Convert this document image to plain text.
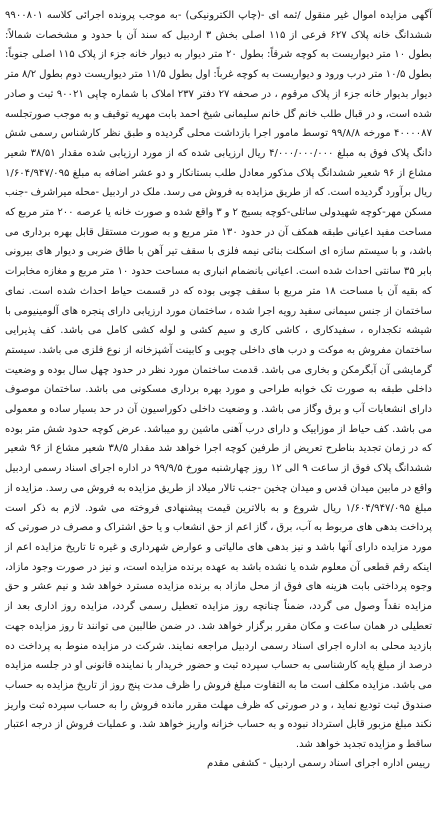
آگهی مزایده اموال غیر منقول /ثمه ای -(چاپ الکترونیکی) -به موجب پرونده اجرائی کلاسه ۹۹۰۰۸۰۱ ششدانگ خانه پلاک ۶۲۷ فرعی از ۱۱۵ اصلی بخش ۳ اردبیل که سند آن با حدود و مشخصات شمالاً: بطول ۱۰ متر دیواریست به کوچه شرقاً: بطول ۲۰ متر دیوار به دیوار خانه جزء از پلاک ۱۱۵ اصلی جنوباً: بطول ۱۰/۵ متر درب ورود و دیواریست به کوچه غرباً: اول بطول ۱۱/۵ متر دیواریست دوم بطول ۸/۲ متر دیوار بدیوار خانه جزء از پلاک مرقوم ، در صحفه ۲۷ دفتر ۲۳۷ املاک با شماره چاپی ۹۰۰۲۱ ثبت و صادر شده است، و در قبال طلب خانم گل خانم سلیمانی شیخ احمد بابت مهریه توقیف و به موجب صورتجلسه ۴۰۰۰۰۸۷ مورخه ۹۹/۸/۸ توسط مامور اجرا بازداشت محلی گردیده و طبق نظر کارشناس رسمی شش دانگ پلاک فوق به مبلغ ۴/۰۰۰/۰۰۰/۰۰۰ ریال ارزیابی شده که از مورد ارزیابی شده مقدار ۳۸/۵۱ شعیر مشاع از ۹۶ شعیر ششدانگ پلاک مذکور معادل طلب بستانکار و دو عشر اضافه به مبلغ ۱/۶۰۴/۹۴۷/۰۹۵ ریال برآورد گردیده است. که از طریق مزایده به فروش می رسد. ملک در اردبیل -محله میراشرف -جنب مسکن مهر-کوچه شهیدولی ساتلی-کوچه بسیج ۲ و ۳ واقع شده و صورت خانه یا عرصه ۲۰۰ متر مربع که مساحت مفید اعیانی طبقه همکف آن در حدود ۱۳۰ متر مربع و به صورت مستقل قابل بهره برداری می باشد، و با سیستم سازه ای اسکلت بنائی نیمه فلزی با سقف تیر آهن با طاق ضربی و دیوار های بیرونی بابر ۳۵ سانتی احداث شده است. اعیانی بانضمام انباری به مساحت حدود ۱۰ متر مربع و مغازه مخابرات که بقیه آن با مساحت ۱۸ متر مربع با سقف چوبی بوده که در قسمت حیاط احداث شده است. نمای ساختمان از جنس سیمانی سفید رویه اجرا شده ، ساختمان مورد ارزیابی دارای پنجره های آلومینیومی با شیشه تکجداره ، سفیدکاری ، کاشی کاری و سیم کشی و لوله کشی کامل می باشد. کف پذیرایی ساختمان مفروش به موکت و درب های داخلی چوبی و کابینت آشپزخانه از نوع فلزی می باشد. سیستم گرمایشی آن آبگرمکن و بخاری می باشد. قدمت ساختمان مورد نظر در حدود چهل سال بوده و وضعیت داخلی طبقه به صورت تک خوابه طراحی و مورد بهره برداری مسکونی می باشد. ساختمان موصوف دارای انشعابات آب و برق وگاز می باشد. و وضعیت داخلی دکوراسیون آن در حد بسیار ساده و معمولی می باشد. کف حیاط از موزاییک و دارای درب آهنی ماشین رو میباشد. عرض کوچه حدود شش متر بوده که در زمان تجدید بناطرح تعریض از طرفین کوچه اجرا خواهد شد مقدار ۳۸/۵ شعیر مشاع از ۹۶ شعیر ششدانگ پلاک فوق از ساعت ۹ الی ۱۲ روز چهارشنبه مورخ ۹۹/۹/۵ در اداره اجرای اسناد رسمی اردبیل واقع در مابین میدان قدس و میدان چخین -جنب تالار میلاد از طریق مزایده به فروش می رسد. مزایده از مبلغ ۱/۶۰۴/۹۴۷/۰۹۵ ریال شروع و به بالاترین قیمت پیشنهادی فروخته می شود. لازم به ذکر است پرداخت بدهی های مربوط به آب، برق ، گاز اعم از حق انشعاب و یا حق اشتراک و مصرف در صورتی که مورد مزایده دارای آنها باشد و نیز بدهی های مالیاتی و عوارض شهرداری و غیره تا تاریخ مزایده اعم از اینکه رقم قطعی آن معلوم شده یا نشده باشد به عهده برنده مزایده است، و نیز در صورت وجود مازاد، وجوه پرداختی بابت هزینه های فوق از محل مازاد به برنده مزایده مسترد خواهد شد و نیم عشر و حق مزایده نقداً وصول می گردد، ضمناً چنانچه روز مزایده تعطیل رسمی گردد، مزایده روز اداری بعد از تعطیلی در همان ساعت و مکان مقرر برگزار خواهد شد. در ضمن طالبین می توانند تا روز مزایده جهت بازدید محلی به اداره اجرای اسناد رسمی اردبیل مراجعه نمایند. شرکت در مزایده منوط به پرداخت ده درصد از مبلغ پایه کارشناسی به حساب سپرده ثبت و حضور خریدار با نماینده قانونی او در جلسه مزایده می باشد. مزایده مکلف است ما به التفاوت مبلغ فروش را ظرف مدت پنج روز از تاریخ مزایده به حساب صندوق ثبت تودیع نماید ، و در صورتی که ظرف مهلت مقرر مانده فروش را به حساب سپرده ثبت واریز نکند مبلغ مزبور قابل استرداد نبوده و به حساب خزانه واریز خواهد شد. و عملیات فروش از درجه اعتبار ساقط و مزایده تجدید خواهد شد.

رییس اداره اجرای اسناد رسمی اردبیل - کشفی مقدم
